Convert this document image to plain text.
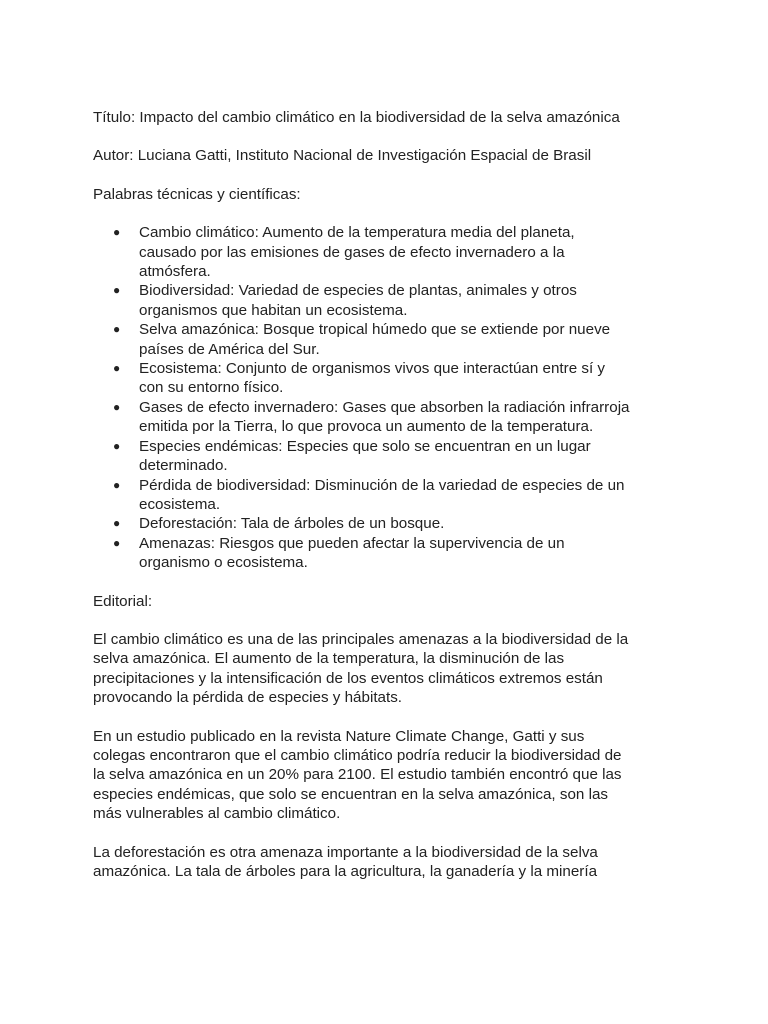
Título: Impacto del cambio climático en la biodiversidad de la selva amazónica

Autor: Luciana Gatti, Instituto Nacional de Investigación Espacial de Brasil

Palabras técnicas y científicas:

● Cambio climático: Aumento de la temperatura media del planeta, causado por las emisiones de gases de efecto invernadero a la atmósfera.
● Biodiversidad: Variedad de especies de plantas, animales y otros organismos que habitan un ecosistema.
● Selva amazónica: Bosque tropical húmedo que se extiende por nueve países de América del Sur.
● Ecosistema: Conjunto de organismos vivos que interactúan entre sí y con su entorno físico.
● Gases de efecto invernadero: Gases que absorben la radiación infrarroja emitida por la Tierra, lo que provoca un aumento de la temperatura.
● Especies endémicas: Especies que solo se encuentran en un lugar determinado.
● Pérdida de biodiversidad: Disminución de la variedad de especies de un ecosistema.
● Deforestación: Tala de árboles de un bosque.
● Amenazas: Riesgos que pueden afectar la supervivencia de un organismo o ecosistema.

Editorial:

El cambio climático es una de las principales amenazas a la biodiversidad de la selva amazónica. El aumento de la temperatura, la disminución de las precipitaciones y la intensificación de los eventos climáticos extremos están provocando la pérdida de especies y hábitats.

En un estudio publicado en la revista Nature Climate Change, Gatti y sus colegas encontraron que el cambio climático podría reducir la biodiversidad de la selva amazónica en un 20% para 2100. El estudio también encontró que las especies endémicas, que solo se encuentran en la selva amazónica, son las más vulnerables al cambio climático.

La deforestación es otra amenaza importante a la biodiversidad de la selva amazónica. La tala de árboles para la agricultura, la ganadería y la minería
